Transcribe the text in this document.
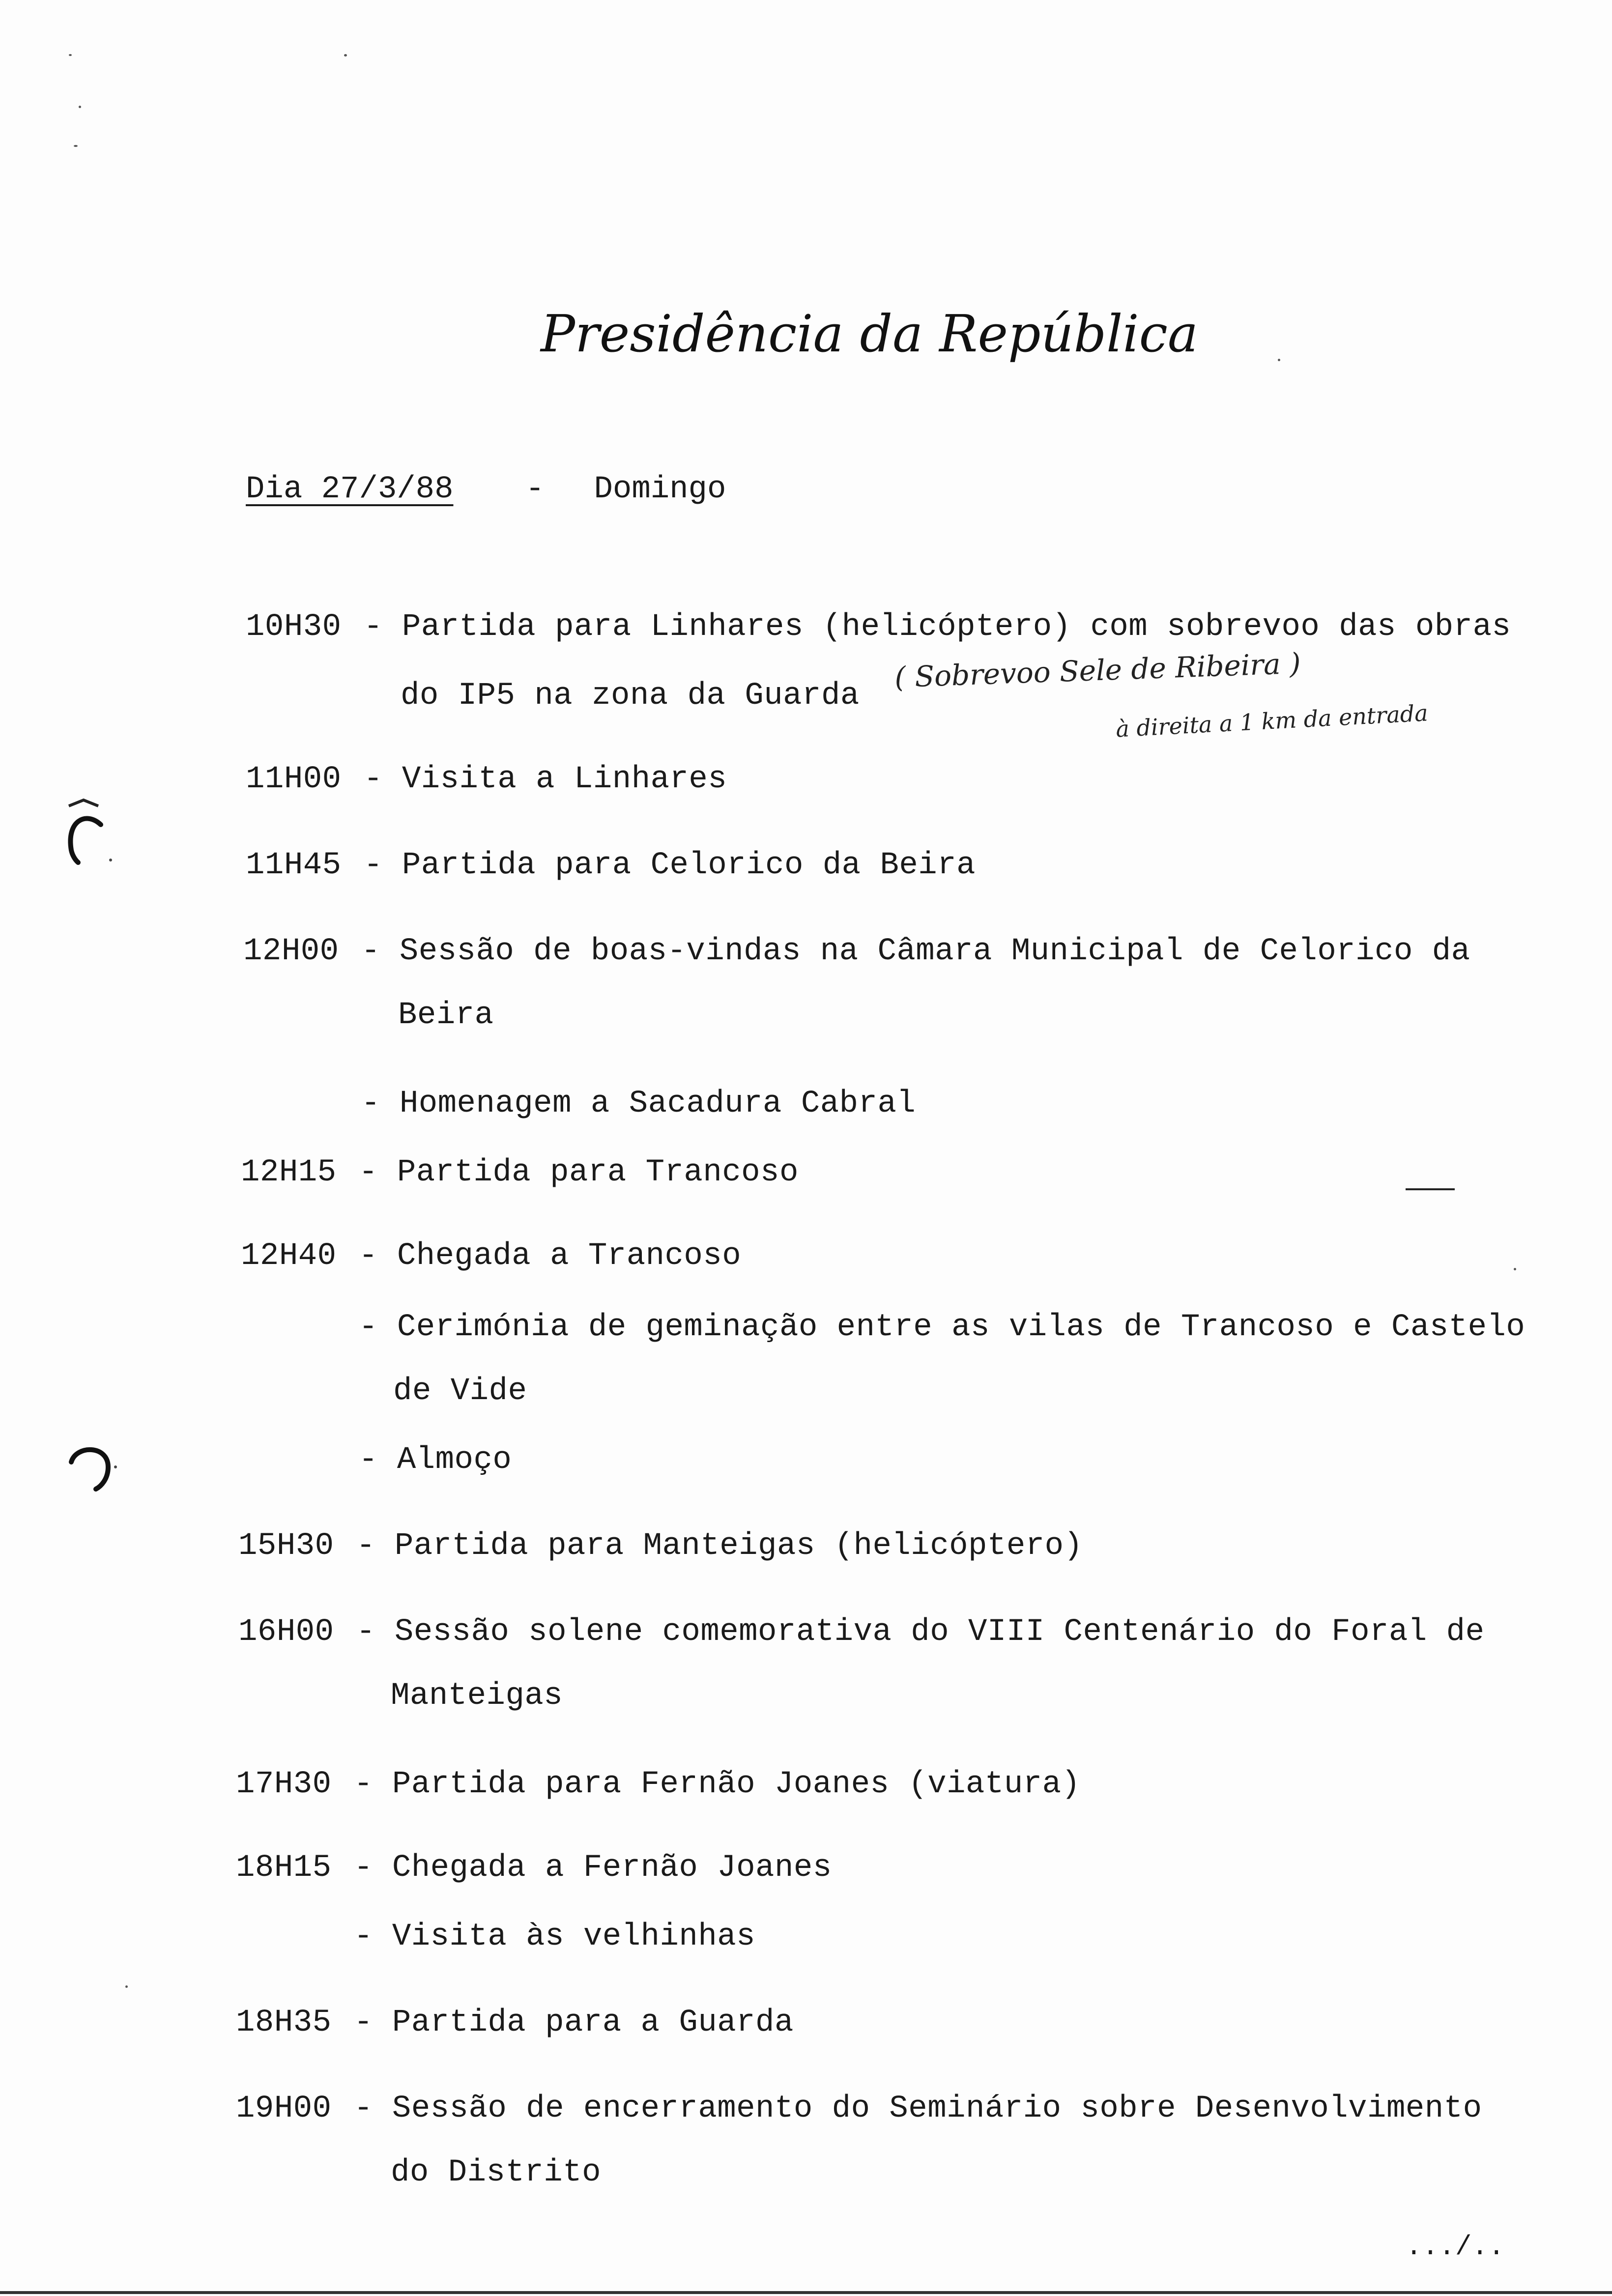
Presidência da República
Dia 27/3/88 - Domingo
10H30 - Partida para Linhares (helicóptero) com sobrevoo das obras
do IP5 na zona da Guarda
11H00 - Visita a Linhares
11H45 - Partida para Celorico da Beira
12H00 - Sessão de boas-vindas na Câmara Municipal de Celorico da
Beira
- Homenagem a Sacadura Cabral
12H15 - Partida para Trancoso
12H40 - Chegada a Trancoso
- Cerimónia de geminação entre as vilas de Trancoso e Castelo
de Vide
- Almoço
15H30 - Partida para Manteigas (helicóptero)
16H00 - Sessão solene comemorativa do VIII Centenário do Foral de
Manteigas
17H30 - Partida para Fernão Joanes (viatura)
18H15 - Chegada a Fernão Joanes
- Visita às velhinhas
18H35 - Partida para a Guarda
19H00 - Sessão de encerramento do Seminário sobre Desenvolvimento
do Distrito
( Sobrevoo Sele de Ribeira )
à direita a 1 km da entrada
.../..
